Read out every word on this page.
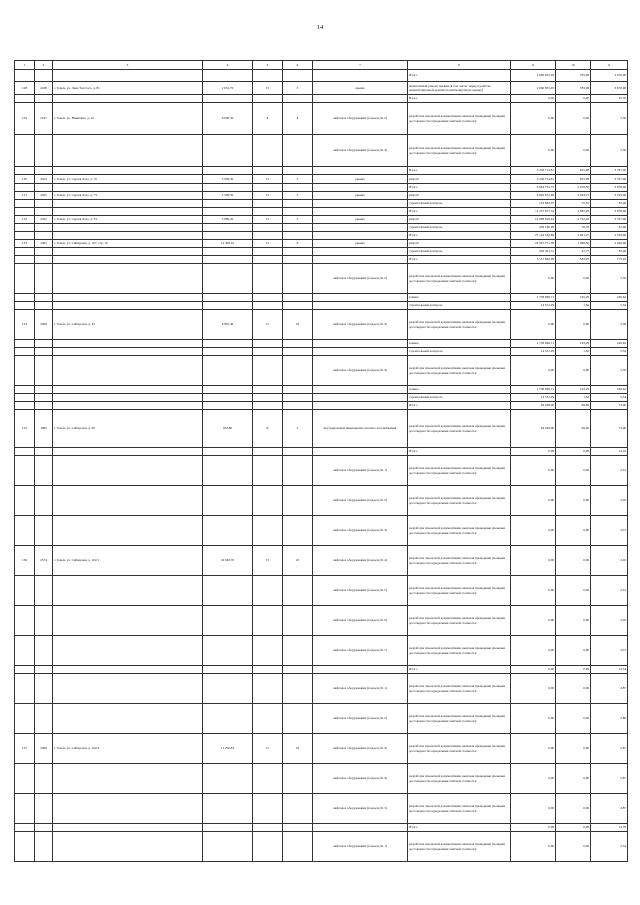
14
1	2	3	4	5	6	7	8	9	10	11
							Итого	2 060 855,03	783,08	3 670,00
128	2438	г. Томск, ул. Льва Толстого, д. 81	2 631,70	П	5	крыша	капитальный ремонт крыши (в том числе: переустройство невентилируемой крыши на вентилируемую крышу)	2 060 855,03	783,08	3 670,00
							Итого	0,00	0,00	10,76
129	2197	г. Томск, ул. Никитина, д. 12	6 006,50	Б	8	лифтовое оборудование (подъезд № 2)	разработка проектной документации, включая проведение проверки достоверности определения сметной стоимости	0,00	0,00	5,38
						лифтовое оборудование (подъезд № 3)	разработка проектной документации, включая проведение проверки достоверности определения сметной стоимости	0,00	0,00	5,38
							Итого	3 230 714,81	815,98	3 797,00
130	2454	г. Томск, ул. Сергея Лазо, д. 70	3 959,30	П	5	крыша	ремонт	3 230 714,81	815,98	3 797,00
							Итого	6 964 755,73	2 679,50	3 878,00
131	2455	г. Томск, ул. Сергея Лазо, д. 73	2 599,30	П	5	крыша	ремонт	6 820 872,66	2 624,15	3 795,00
							строительный контроль	143 883,07	55,35	83,00
							Итого	11 237 977,34	2 882,20	3 878,00
132	2452	г. Томск, ул. Сергея Лазо, д. 33	3 899,20	П	5	крыша	ремонт	10 998 816,44	2 762,46	3 797,00
							строительный контроль	239 160,90	59,76	81,00
							Итого	25 124 162,89	2 041,27	2 529,00
133	2305	г. Томск, ул. Сибирская, д. 107, стр. 16	12 308,10	П	9	крыша	ремонт	24 597 771,58	1 998,50	2 446,00
							строительный контроль	526 391,31	42,77	83,00
							Итого	5 157 862,90	583,05	775,03
						лифтовое оборудование (подъезд № 2)	разработка проектной документации, включая проведение проверки достоверности определения сметной стоимости	0,00	0,00	5,39
							замена	1 738 069,71	195,29	249,62
							строительный контроль	14 551,29	1,62	5,34
134	2309	г. Томск, ул. Сибирская, д. 33	8 967,40	П	10	лифтовое оборудование (подъезд № 3)	разработка проектной документации, включая проведение проверки достоверности определения сметной стоимости	0,00	0,00	5,39
							замена	1 738 069,71	193,29	249,62
							строительный контроль	14 551,29	1,62	5,34
						лифтовое оборудование (подъезд № 4)	разработка проектной документации, включая проведение проверки достоверности определения сметной стоимости	0,00	0,00	5,39
							замена	1 738 069,71	193,29	249,62
							строительный контроль	14 551,29	1,62	5,34
							Итого	64 428,00	69,00	73,00
135	1985	г. Томск, ул. Сибирская, д. 90	933,80	К	5	внутридомовая инженерная система газоснабжения	разработка проектной документации, включая проведение проверки достоверности определения сметной стоимости	64 428,00	69,00	73,00
							Итого	0,00	0,00	14,10
						лифтовое оборудование (подъезд № 1)	разработка проектной документации, включая проведение проверки достоверности определения сметной стоимости	0,00	0,00	2,01
						лифтовое оборудование (подъезд № 2)	разработка проектной документации, включая проведение проверки достоверности определения сметной стоимости	0,00	0,00	2,02
						лифтовое оборудование (подъезд № 3)	разработка проектной документации, включая проведение проверки достоверности определения сметной стоимости	0,00	0,00	2,01
136	2574	г. Томск, ул. Сибирская, д. 102/1	16 028,70	П	10	лифтовое оборудование (подъезд № 4)	разработка проектной документации, включая проведение проверки достоверности определения сметной стоимости	0,00	0,00	2,02
						лифтовое оборудование (подъезд № 5)	разработка проектной документации, включая проведение проверки достоверности определения сметной стоимости	0,00	0,00	2,01
						лифтовое оборудование (подъезд № 6)	разработка проектной документации, включая проведение проверки достоверности определения сметной стоимости	0,00	0,00	2,02
						лифтовое оборудование (подъезд № 7)	разработка проектной документации, включая проведение проверки достоверности определения сметной стоимости	0,00	0,00	2,01
							Итого	0,00	0,00	14,34
						лифтовое оборудование (подъезд № 1)	разработка проектной документации, включая проведение проверки достоверности определения сметной стоимости	0,00	0,00	2,87
						лифтовое оборудование (подъезд № 2)	разработка проектной документации, включая проведение проверки достоверности определения сметной стоимости	0,00	0,00	2,86
137	2369	г. Томск, ул. Сибирская, д. 102/3	11 256,83	П	10	лифтовое оборудование (подъезд № 3)	разработка проектной документации, включая проведение проверки достоверности определения сметной стоимости	0,00	0,00	2,87
						лифтовое оборудование (подъезд № 4)	разработка проектной документации, включая проведение проверки достоверности определения сметной стоимости	0,00	0,00	2,87
						лифтовое оборудование (подъезд № 5)	разработка проектной документации, включая проведение проверки достоверности определения сметной стоимости	0,00	0,00	2,87
							Итого	0,00	0,00	14,78
						лифтовое оборудование (подъезд № 1)	разработка проектной документации, включая проведение проверки достоверности определения сметной стоимости	0,00	0,00	2,54
